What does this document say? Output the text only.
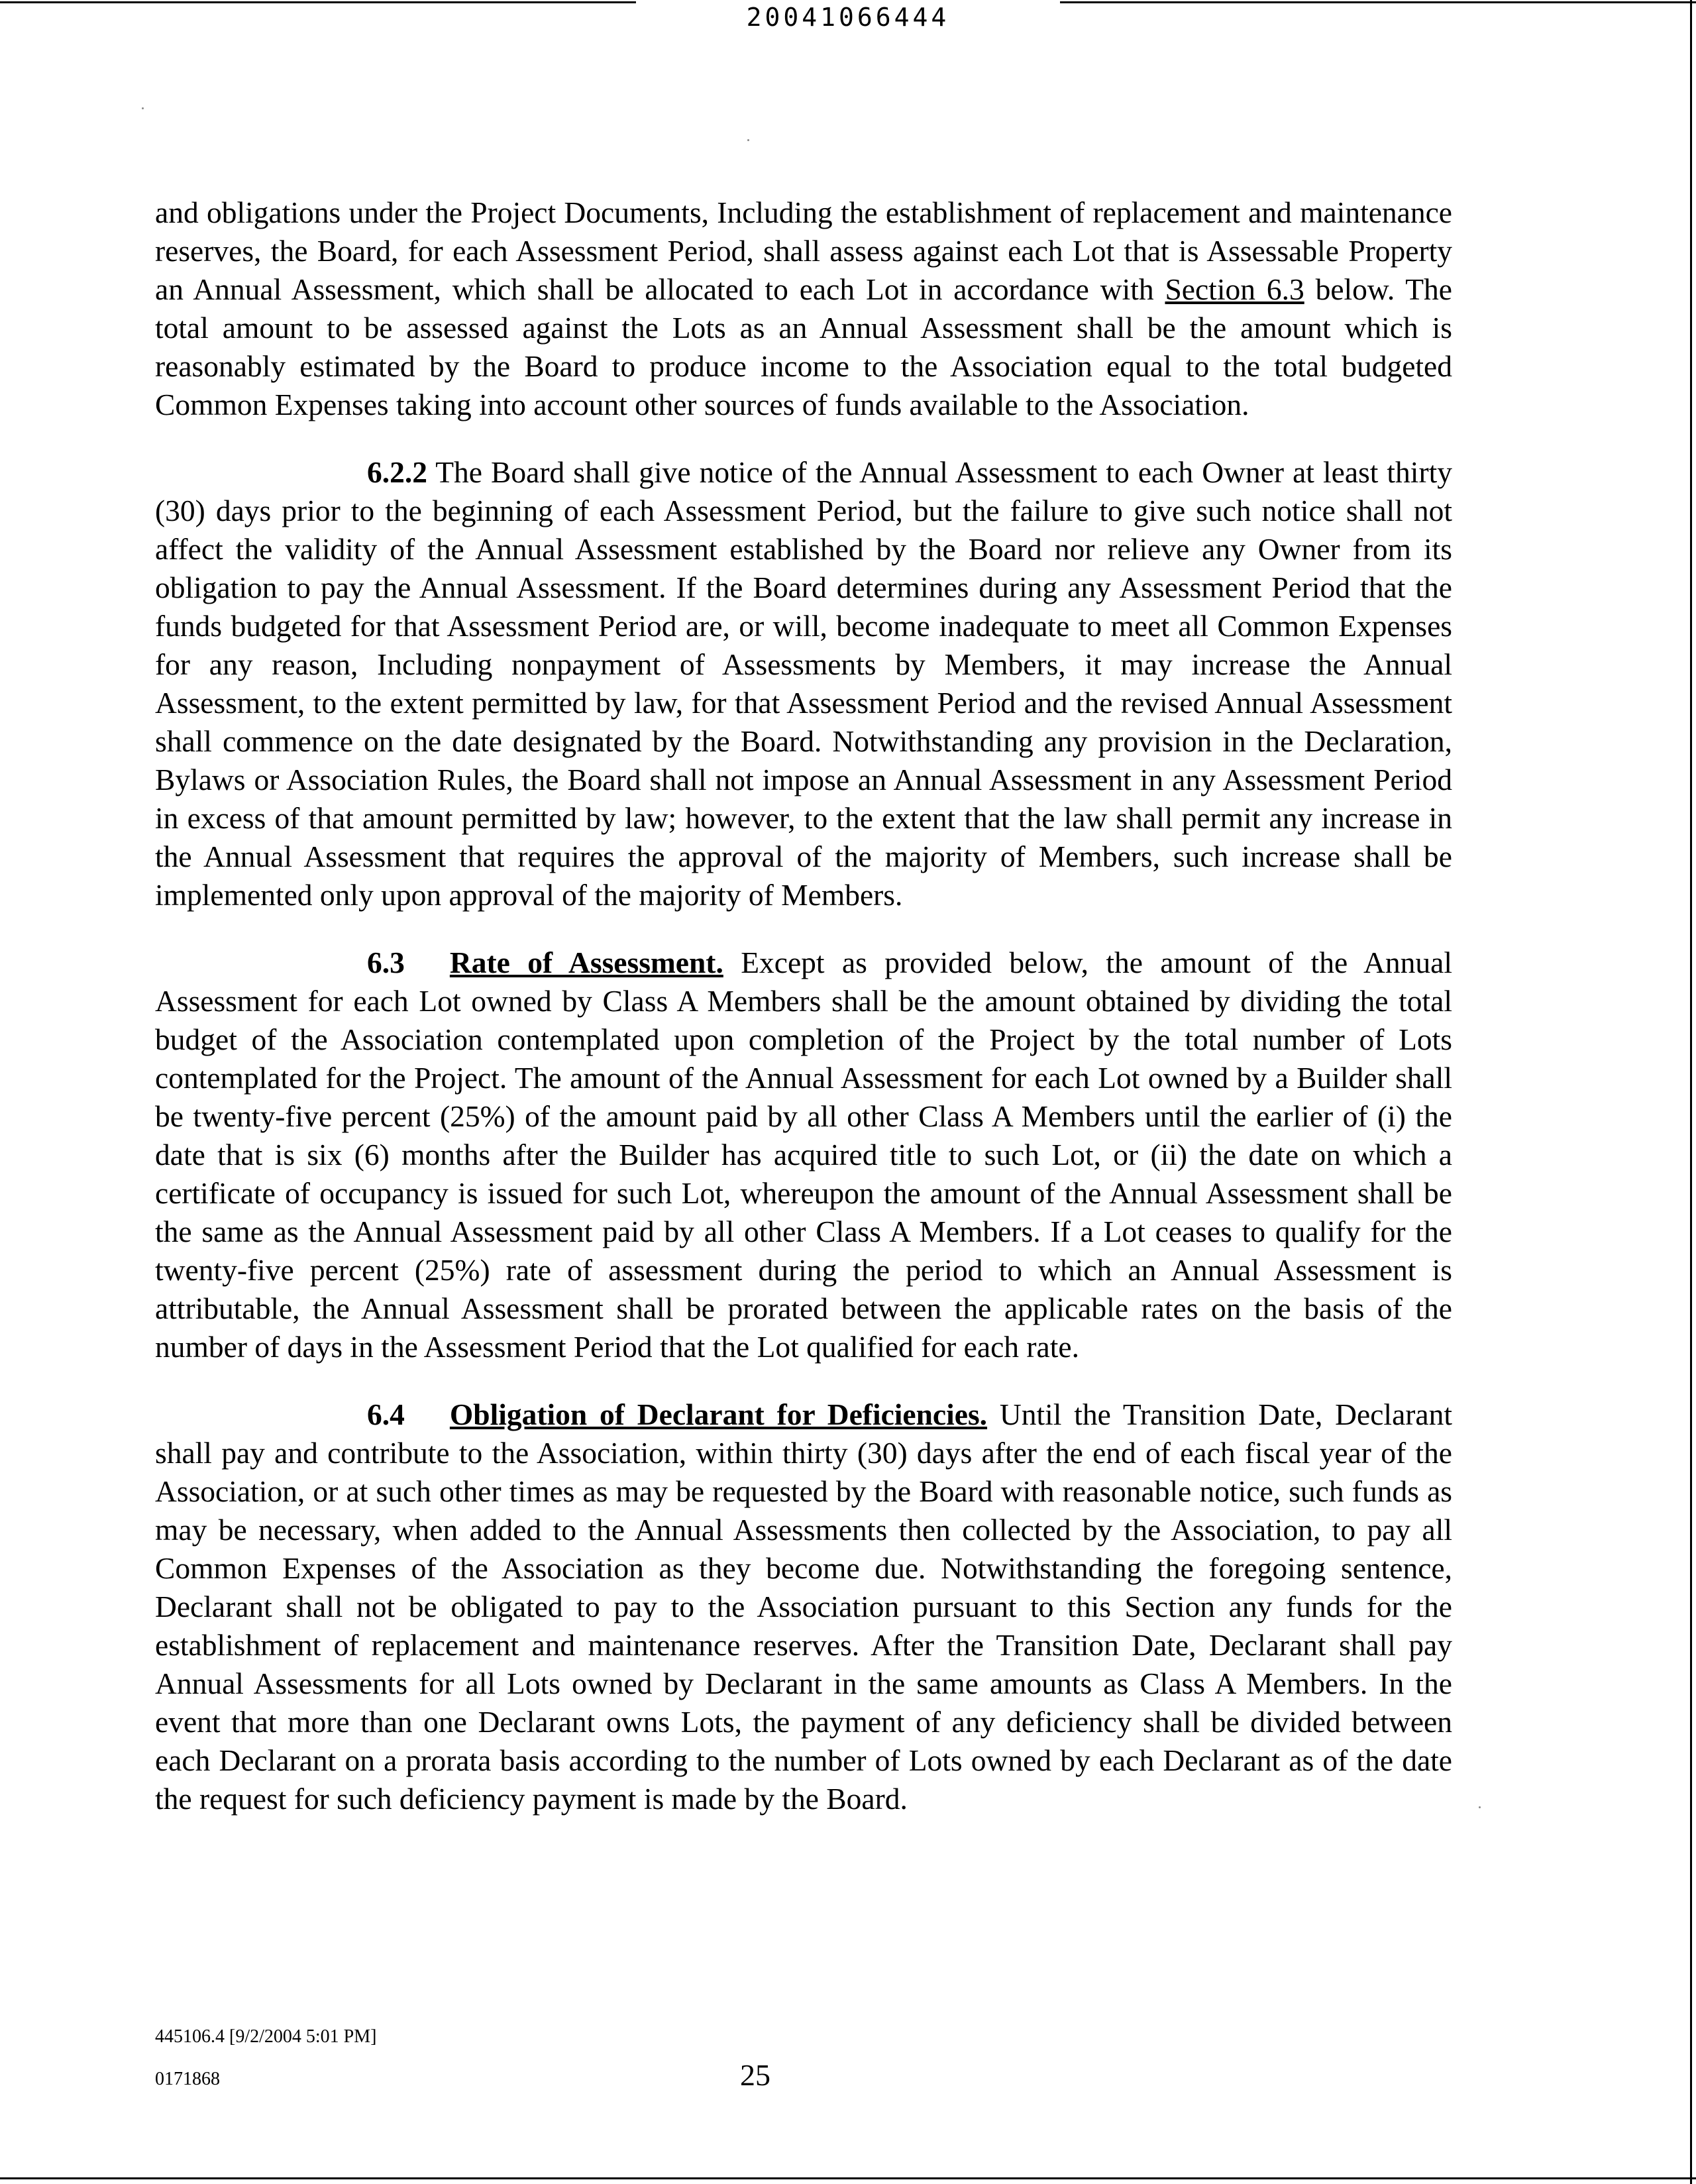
20041066444

and obligations under the Project Documents, Including the establishment of replacement and maintenance reserves, the Board, for each Assessment Period, shall assess against each Lot that is Assessable Property an Annual Assessment, which shall be allocated to each Lot in accordance with Section 6.3 below. The total amount to be assessed against the Lots as an Annual Assessment shall be the amount which is reasonably estimated by the Board to produce income to the Association equal to the total budgeted Common Expenses taking into account other sources of funds available to the Association.

6.2.2 The Board shall give notice of the Annual Assessment to each Owner at least thirty (30) days prior to the beginning of each Assessment Period, but the failure to give such notice shall not affect the validity of the Annual Assessment established by the Board nor relieve any Owner from its obligation to pay the Annual Assessment. If the Board determines during any Assessment Period that the funds budgeted for that Assessment Period are, or will, become inadequate to meet all Common Expenses for any reason, Including nonpayment of Assessments by Members, it may increase the Annual Assessment, to the extent permitted by law, for that Assessment Period and the revised Annual Assessment shall commence on the date designated by the Board. Notwithstanding any provision in the Declaration, Bylaws or Association Rules, the Board shall not impose an Annual Assessment in any Assessment Period in excess of that amount permitted by law; however, to the extent that the law shall permit any increase in the Annual Assessment that requires the approval of the majority of Members, such increase shall be implemented only upon approval of the majority of Members.

6.3 Rate of Assessment. Except as provided below, the amount of the Annual Assessment for each Lot owned by Class A Members shall be the amount obtained by dividing the total budget of the Association contemplated upon completion of the Project by the total number of Lots contemplated for the Project. The amount of the Annual Assessment for each Lot owned by a Builder shall be twenty-five percent (25%) of the amount paid by all other Class A Members until the earlier of (i) the date that is six (6) months after the Builder has acquired title to such Lot, or (ii) the date on which a certificate of occupancy is issued for such Lot, whereupon the amount of the Annual Assessment shall be the same as the Annual Assessment paid by all other Class A Members. If a Lot ceases to qualify for the twenty-five percent (25%) rate of assessment during the period to which an Annual Assessment is attributable, the Annual Assessment shall be prorated between the applicable rates on the basis of the number of days in the Assessment Period that the Lot qualified for each rate.

6.4 Obligation of Declarant for Deficiencies. Until the Transition Date, Declarant shall pay and contribute to the Association, within thirty (30) days after the end of each fiscal year of the Association, or at such other times as may be requested by the Board with reasonable notice, such funds as may be necessary, when added to the Annual Assessments then collected by the Association, to pay all Common Expenses of the Association as they become due. Notwithstanding the foregoing sentence, Declarant shall not be obligated to pay to the Association pursuant to this Section any funds for the establishment of replacement and maintenance reserves. After the Transition Date, Declarant shall pay Annual Assessments for all Lots owned by Declarant in the same amounts as Class A Members. In the event that more than one Declarant owns Lots, the payment of any deficiency shall be divided between each Declarant on a prorata basis according to the number of Lots owned by each Declarant as of the date the request for such deficiency payment is made by the Board.

445106.4 [9/2/2004 5:01 PM]
0171868	25
